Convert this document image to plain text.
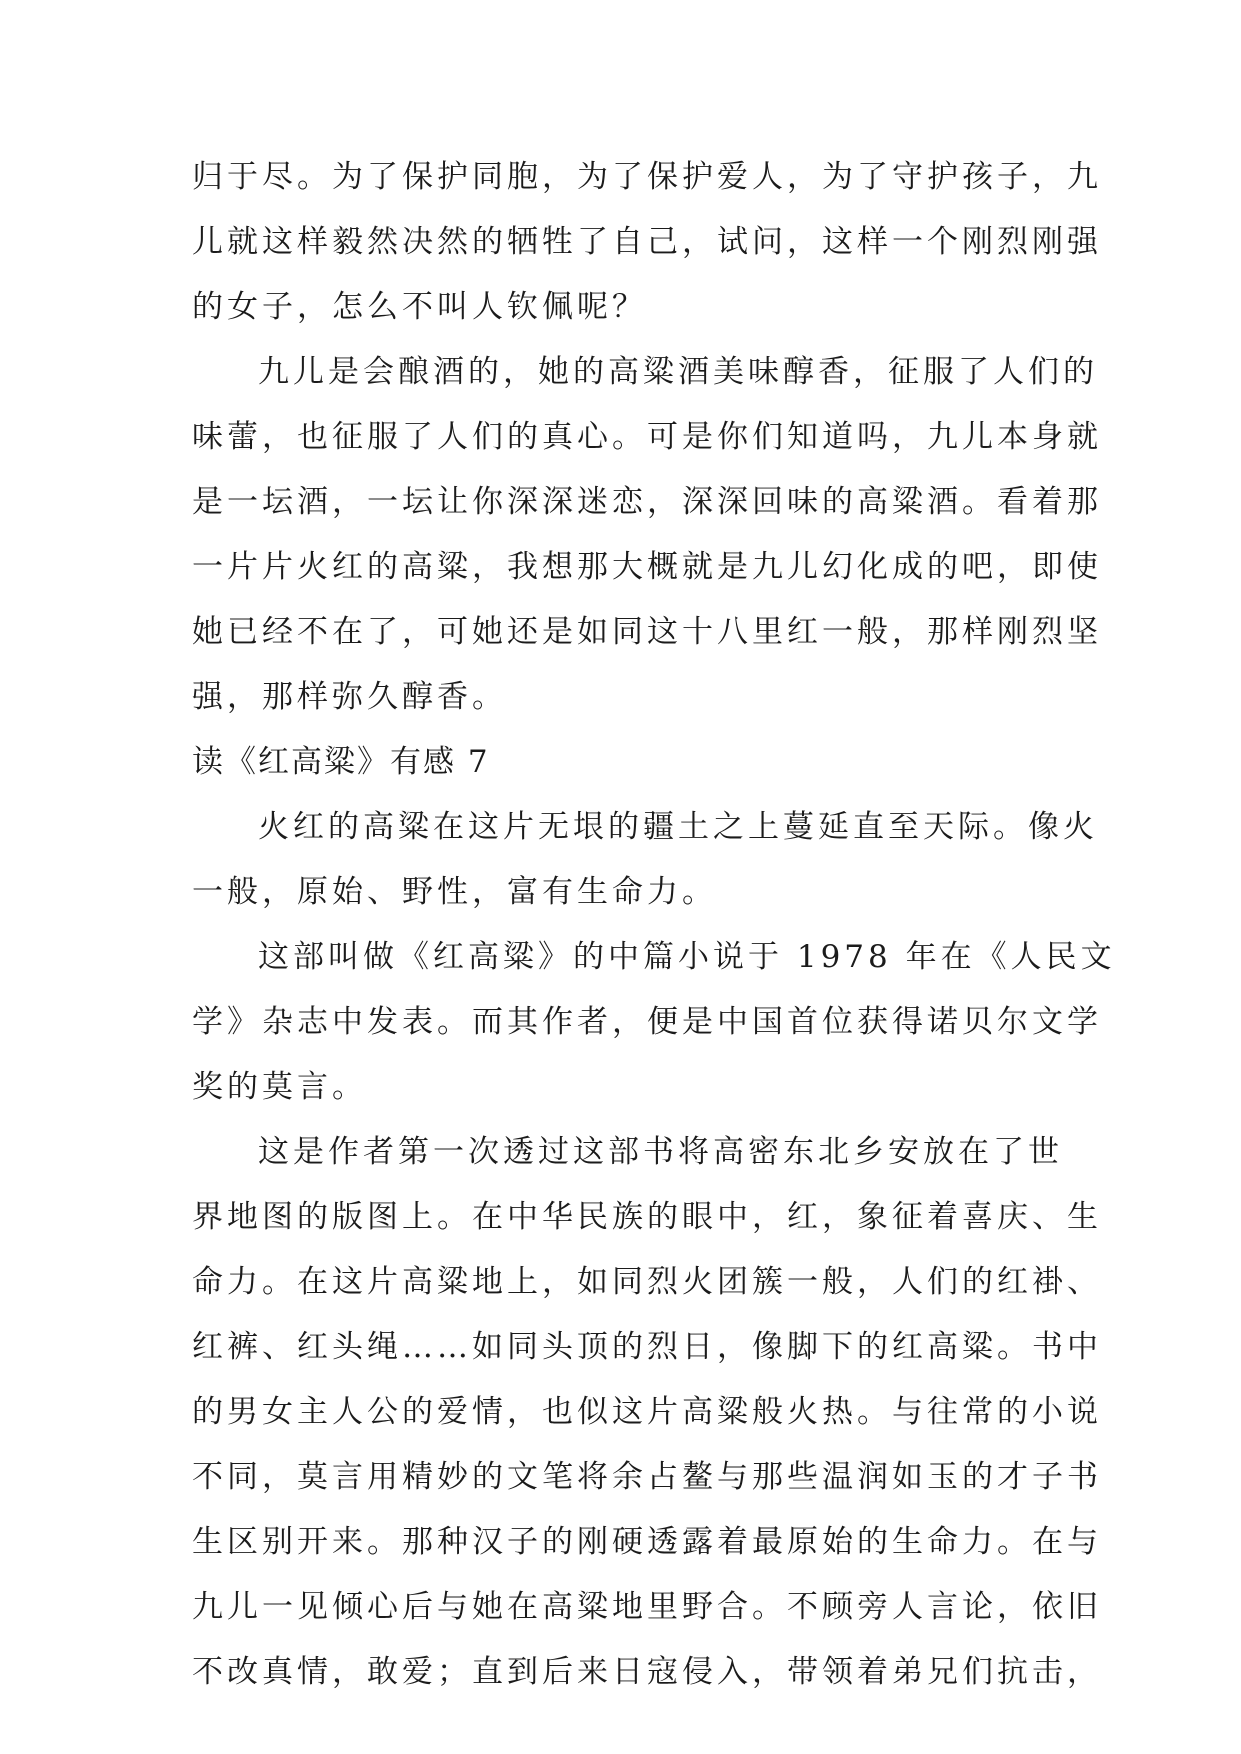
归于尽。为了保护同胞，为了保护爱人，为了守护孩子，九
儿就这样毅然决然的牺牲了自己，试问，这样一个刚烈刚强
的女子，怎么不叫人钦佩呢？
九儿是会酿酒的，她的高粱酒美味醇香，征服了人们的
味蕾，也征服了人们的真心。可是你们知道吗，九儿本身就
是一坛酒，一坛让你深深迷恋，深深回味的高粱酒。看着那
一片片火红的高粱，我想那大概就是九儿幻化成的吧，即使
她已经不在了，可她还是如同这十八里红一般，那样刚烈坚
强，那样弥久醇香。
读《红高粱》有感 7
火红的高粱在这片无垠的疆土之上蔓延直至天际。像火
一般，原始、野性，富有生命力。
这部叫做《红高粱》的中篇小说于 1978 年在《人民文
学》杂志中发表。而其作者，便是中国首位获得诺贝尔文学
奖的莫言。
这是作者第一次透过这部书将高密东北乡安放在了世
界地图的版图上。在中华民族的眼中，红，象征着喜庆、生
命力。在这片高粱地上，如同烈火团簇一般，人们的红褂、
红裤、红头绳……如同头顶的烈日，像脚下的红高粱。书中
的男女主人公的爱情，也似这片高粱般火热。与往常的小说
不同，莫言用精妙的文笔将余占鳌与那些温润如玉的才子书
生区别开来。那种汉子的刚硬透露着最原始的生命力。在与
九儿一见倾心后与她在高粱地里野合。不顾旁人言论，依旧
不改真情，敢爱；直到后来日寇侵入，带领着弟兄们抗击，
